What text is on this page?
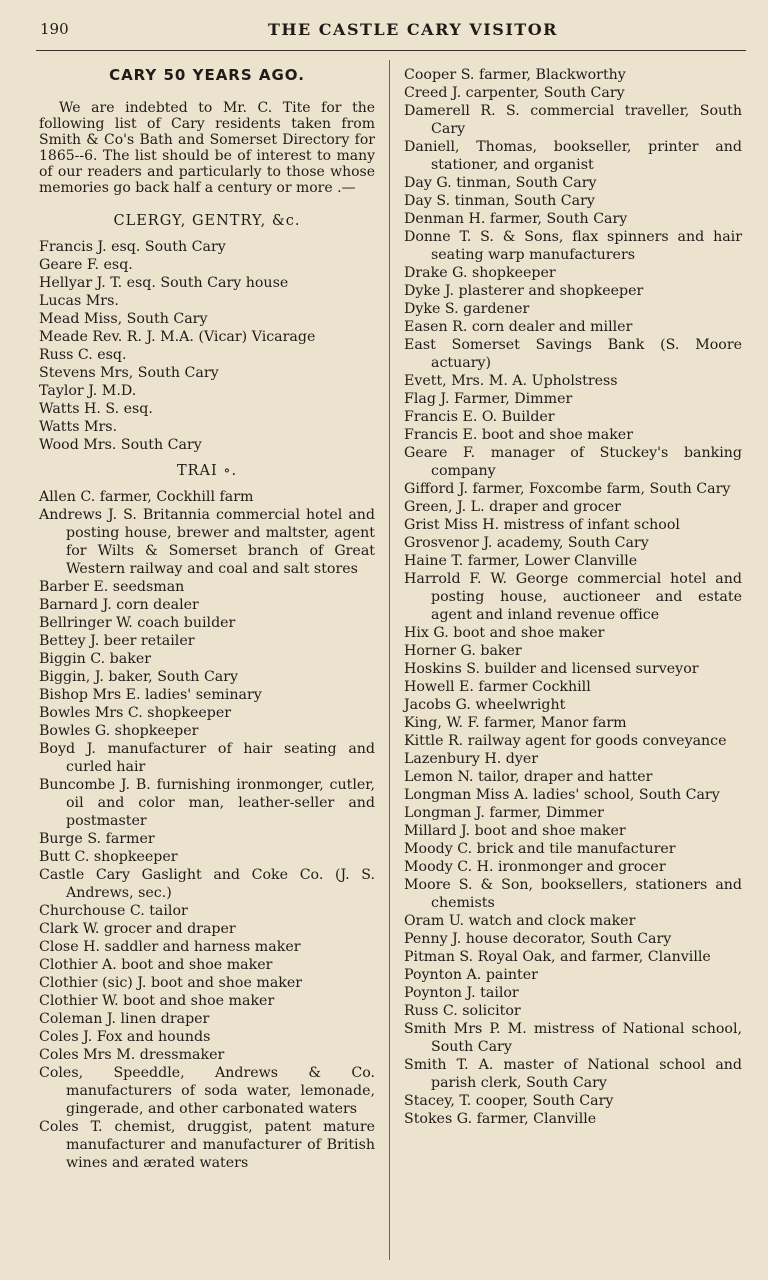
190	THE CASTLE CARY VISITOR
CARY 50 YEARS AGO.

We are indebted to Mr. C. Tite for the following list of Cary residents taken from Smith & Co's Bath and Somerset Directory for 1865--6. The list should be of interest to many of our readers and particularly to those whose memories go back half a century or more .—

CLERGY, GENTRY, &c.

Francis J. esq. South Cary

Geare F. esq.

Hellyar J. T. esq. South Cary house

Lucas Mrs.

Mead Miss, South Cary

Meade Rev. R. J. M.A. (Vicar) Vicarage

Russ C. esq.

Stevens Mrs, South Cary

Taylor J. M.D.

Watts H. S. esq.

Watts Mrs.

Wood Mrs. South Cary

TRAI ∘.

Allen C. farmer, Cockhill farm

Andrews J. S. Britannia commercial hotel and posting house, brewer and maltster, agent for Wilts & Somerset branch of Great Western railway and coal and salt stores

Barber E. seedsman

Barnard J. corn dealer

Bellringer W. coach builder

Bettey J. beer retailer

Biggin C. baker

Biggin, J. baker, South Cary

Bishop Mrs E. ladies' seminary

Bowles Mrs C. shopkeeper

Bowles G. shopkeeper

Boyd J. manufacturer of hair seating and curled hair

Buncombe J. B. furnishing ironmonger, cutler, oil and color man, leather-seller and postmaster

Burge S. farmer

Butt C. shopkeeper

Castle Cary Gaslight and Coke Co. (J. S. Andrews, sec.)

Churchouse C. tailor

Clark W. grocer and draper

Close H. saddler and harness maker

Clothier A. boot and shoe maker

Clothier (sic) J. boot and shoe maker

Clothier W. boot and shoe maker

Coleman J. linen draper

Coles J. Fox and hounds

Coles Mrs M. dressmaker

Coles, Speeddle, Andrews & Co. manufacturers of soda water, lemonade, gingerade, and other carbonated waters

Coles T. chemist, druggist, patent mature manufacturer and manufacturer of British wines and ærated waters

Cooper S. farmer, Blackworthy

Creed J. carpenter, South Cary

Damerell R. S. commercial traveller, South Cary

Daniell, Thomas, bookseller, printer and stationer, and organist

Day G. tinman, South Cary

Day S. tinman, South Cary

Denman H. farmer, South Cary

Donne T. S. & Sons, flax spinners and hair seating warp manufacturers

Drake G. shopkeeper

Dyke J. plasterer and shopkeeper

Dyke S. gardener

Easen R. corn dealer and miller

East Somerset Savings Bank (S. Moore actuary)

Evett, Mrs. M. A. Upholstress

Flag J. Farmer, Dimmer

Francis E. O. Builder

Francis E. boot and shoe maker

Geare F. manager of Stuckey's banking company

Gifford J. farmer, Foxcombe farm, South Cary

Green, J. L. draper and grocer

Grist Miss H. mistress of infant school

Grosvenor J. academy, South Cary

Haine T. farmer, Lower Clanville

Harrold F. W. George commercial hotel and posting house, auctioneer and estate agent and inland revenue office

Hix G. boot and shoe maker

Horner G. baker

Hoskins S. builder and licensed surveyor

Howell E. farmer Cockhill

Jacobs G. wheelwright

King, W. F. farmer, Manor farm

Kittle R. railway agent for goods conveyance

Lazenbury H. dyer

Lemon N. tailor, draper and hatter

Longman Miss A. ladies' school, South Cary

Longman J. farmer, Dimmer

Millard J. boot and shoe maker

Moody C. brick and tile manufacturer

Moody C. H. ironmonger and grocer

Moore S. & Son, booksellers, stationers and chemists

Oram U. watch and clock maker

Penny J. house decorator, South Cary

Pitman S. Royal Oak, and farmer, Clanville

Poynton A. painter

Poynton J. tailor

Russ C. solicitor

Smith Mrs P. M. mistress of National school, South Cary

Smith T. A. master of National school and parish clerk, South Cary

Stacey, T. cooper, South Cary

Stokes G. farmer, Clanville
